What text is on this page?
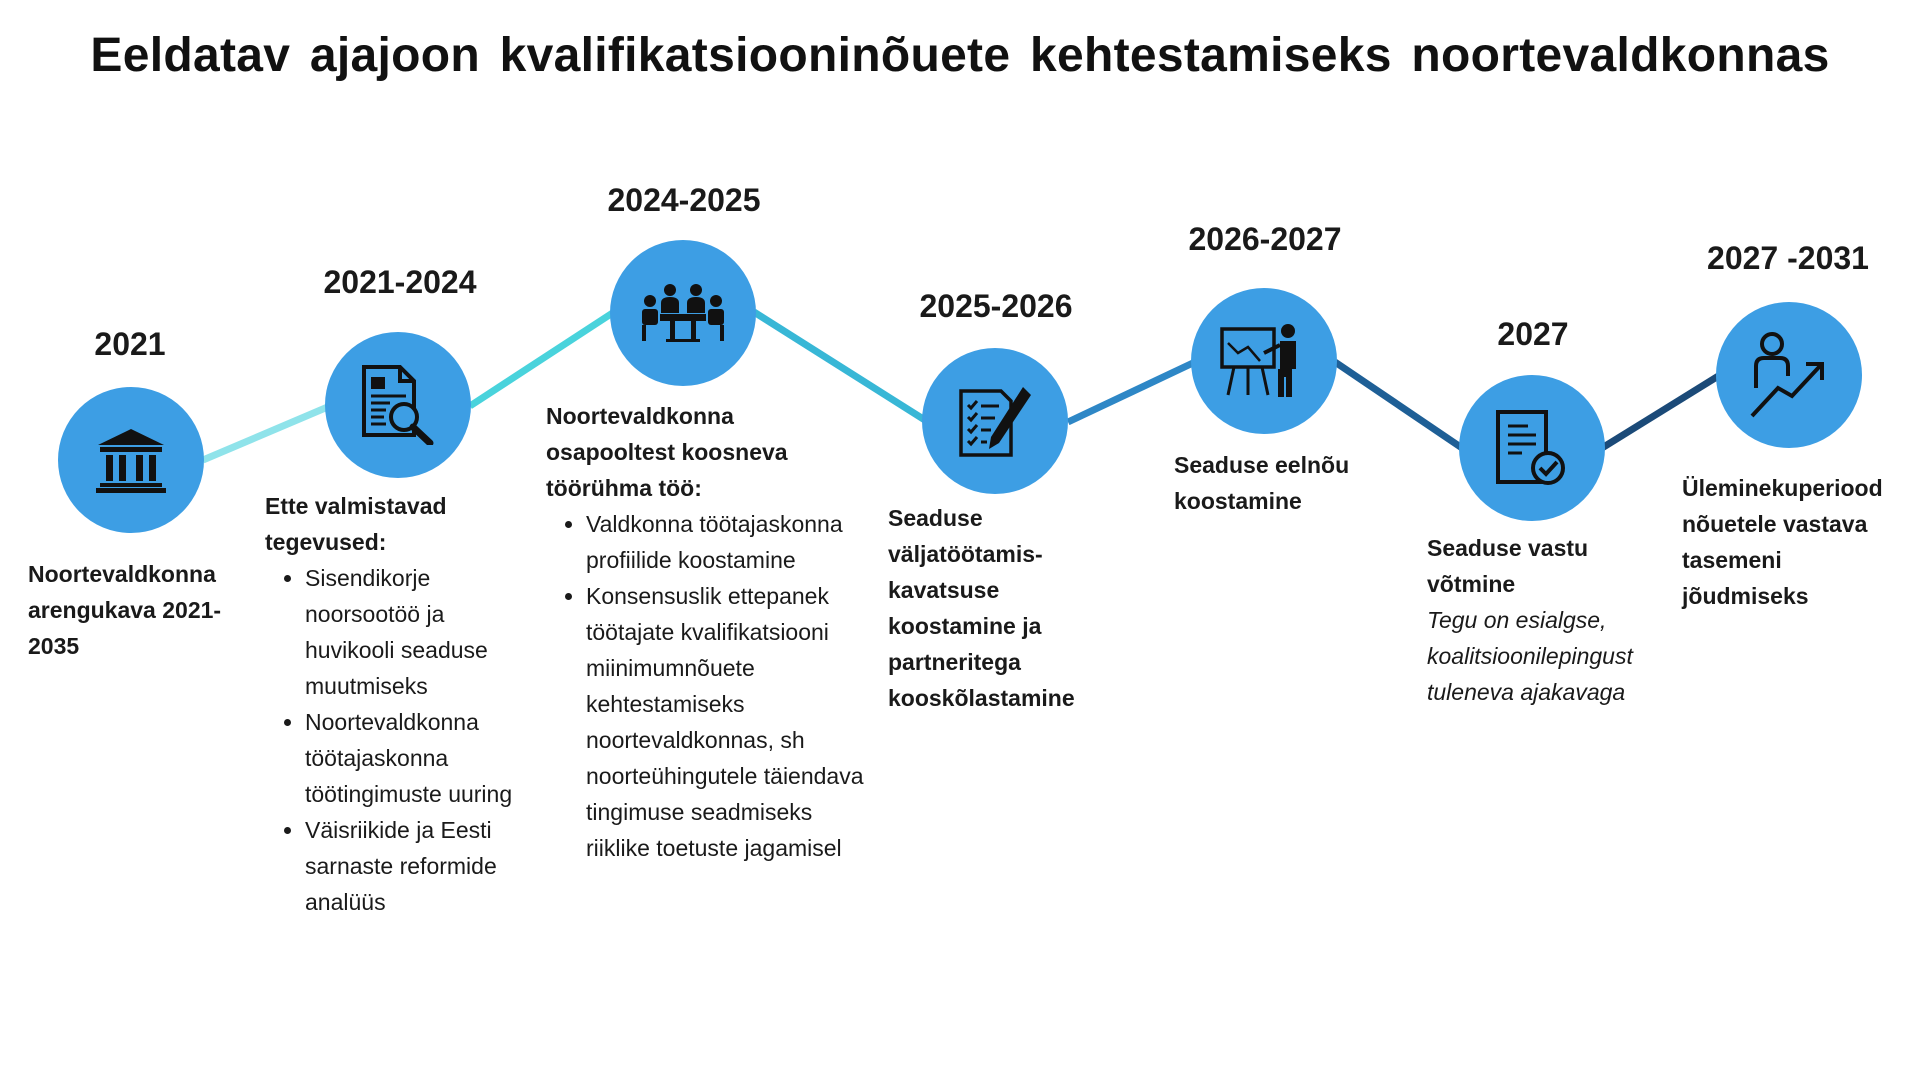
Eeldatav ajajoon kvalifikatsiooninõuete kehtestamiseks noortevaldkonnas
2021
Noortevaldkonna arengukava 2021-2035
2021-2024
Ette valmistavad tegevused:
• Sisendikorje noorsootöö ja huvikooli seaduse muutmiseks
• Noortevaldkonna töötajaskonna töötingimuste uuring
• Väisriikide ja Eesti sarnaste reformide analüüs
2024-2025
Noortevaldkonna osapooltest koosneva töörühma töö:
• Valdkonna töötajaskonna profiilide koostamine
• Konsensuslik ettepanek töötajate kvalifikatsiooni miinimumnõuete kehtestamiseks noortevaldkonnas, sh noorteühingutele täiendava tingimuse seadmiseks riiklike toetuste jagamisel
2025-2026
Seaduse väljatöötamis-kavatsuse koostamine ja partneritega kooskõlastamine
2026-2027
Seaduse eelnõu koostamine
2027
Seaduse vastu võtmine
Tegu on esialgse, koalitsioonilepingust tuleneva ajakavaga
2027 -2031
Üleminekuperiood nõuetele vastava tasemeni jõudmiseks
